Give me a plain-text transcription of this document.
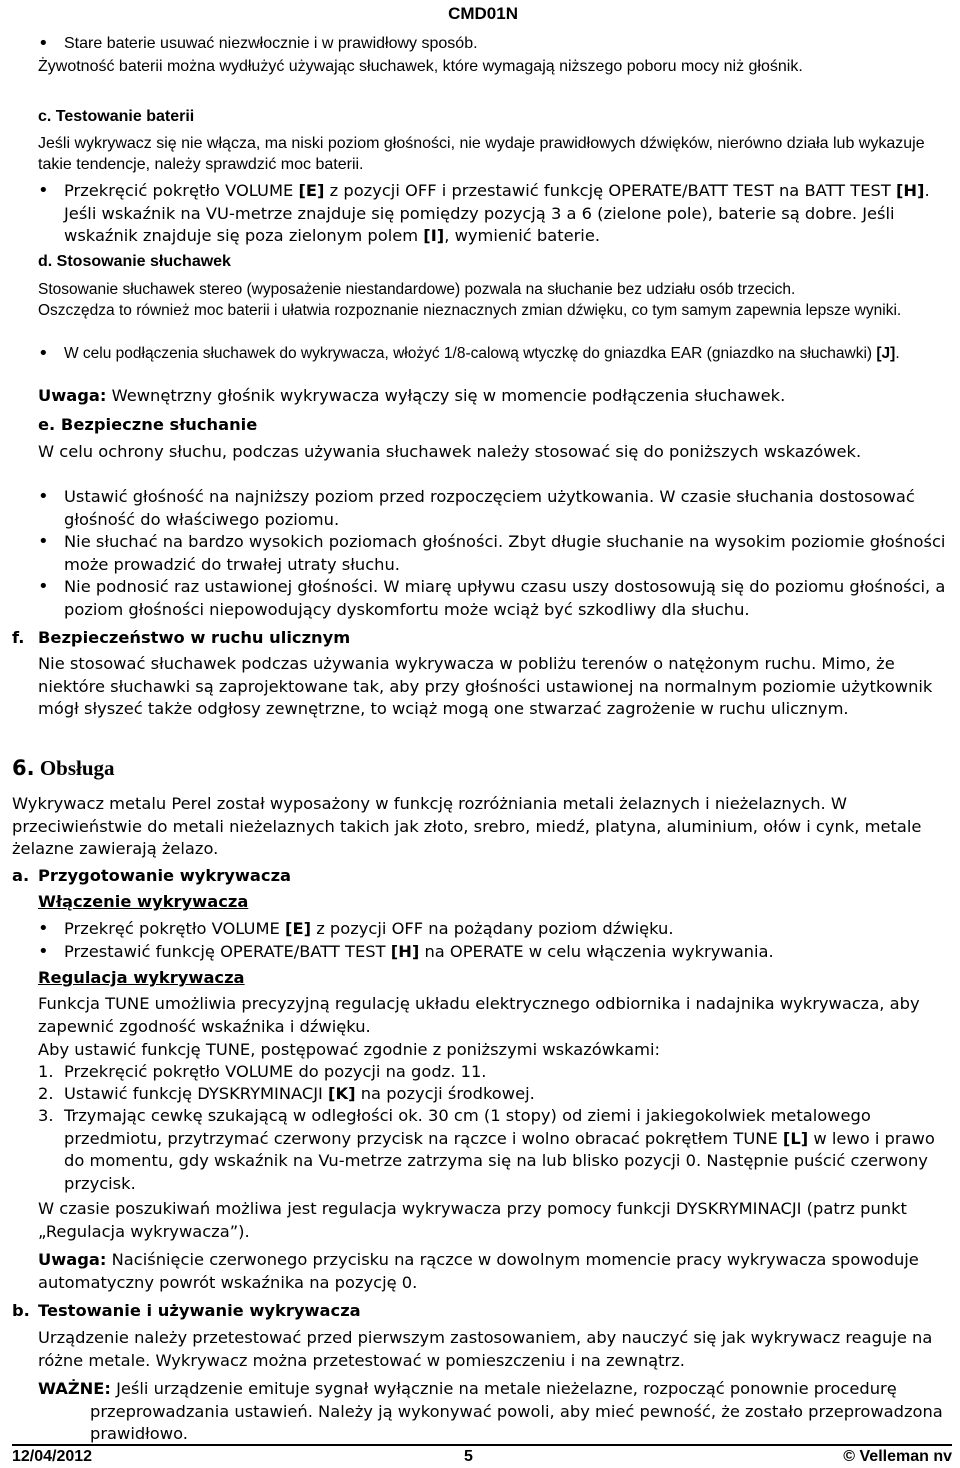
CMD01N
• Stare baterie usuwać niezwłocznie i w prawidłowy sposób.
Żywotność baterii można wydłużyć używając słuchawek, które wymagają niższego poboru mocy niż głośnik.
c. Testowanie baterii
Jeśli wykrywacz się nie włącza, ma niski poziom głośności, nie wydaje prawidłowych dźwięków, nierówno działa lub wykazuje takie tendencje, należy sprawdzić moc baterii.
• Przekręcić pokrętło VOLUME [E] z pozycji OFF i przestawić funkcję OPERATE/BATT TEST na BATT TEST [H]. Jeśli wskaźnik na VU-metrze znajduje się pomiędzy pozycją 3 a 6 (zielone pole), baterie są dobre. Jeśli wskaźnik znajduje się poza zielonym polem [I], wymienić baterie.
d. Stosowanie słuchawek
Stosowanie słuchawek stereo (wyposażenie niestandardowe) pozwala na słuchanie bez udziału osób trzecich.
Oszczędza to również moc baterii i ułatwia rozpoznanie nieznacznych zmian dźwięku, co tym samym zapewnia lepsze wyniki.
• W celu podłączenia słuchawek do wykrywacza, włożyć 1/8-calową wtyczkę do gniazdka EAR (gniazdko na słuchawki) [J].
Uwaga: Wewnętrzny głośnik wykrywacza wyłączy się w momencie podłączenia słuchawek.
e. Bezpieczne słuchanie
W celu ochrony słuchu, podczas używania słuchawek należy stosować się do poniższych wskazówek.
• Ustawić głośność na najniższy poziom przed rozpoczęciem użytkowania. W czasie słuchania dostosować głośność do właściwego poziomu.
• Nie słuchać na bardzo wysokich poziomach głośności. Zbyt długie słuchanie na wysokim poziomie głośności może prowadzić do trwałej utraty słuchu.
• Nie podnosić raz ustawionej głośności. W miarę upływu czasu uszy dostosowują się do poziomu głośności, a poziom głośności niepowodujący dyskomfortu może wciąż być szkodliwy dla słuchu.
f. Bezpieczeństwo w ruchu ulicznym
Nie stosować słuchawek podczas używania wykrywacza w pobliżu terenów o natężonym ruchu. Mimo, że niektóre słuchawki są zaprojektowane tak, aby przy głośności ustawionej na normalnym poziomie użytkownik mógł słyszeć także odgłosy zewnętrzne, to wciąż mogą one stwarzać zagrożenie w ruchu ulicznym.
6. Obsługa
Wykrywacz metalu Perel został wyposażony w funkcję rozróżniania metali żelaznych i nieżelaznych. W przeciwieństwie do metali nieżelaznych takich jak złoto, srebro, miedź, platyna, aluminium, ołów i cynk, metale żelazne zawierają żelazo.
a. Przygotowanie wykrywacza
Włączenie wykrywacza
• Przekręć pokrętło VOLUME [E] z pozycji OFF na pożądany poziom dźwięku.
• Przestawić funkcję OPERATE/BATT TEST [H] na OPERATE w celu włączenia wykrywania.
Regulacja wykrywacza
Funkcja TUNE umożliwia precyzyjną regulację układu elektrycznego odbiornika i nadajnika wykrywacza, aby zapewnić zgodność wskaźnika i dźwięku.
Aby ustawić funkcję TUNE, postępować zgodnie z poniższymi wskazówkami:
1. Przekręcić pokrętło VOLUME do pozycji na godz. 11.
2. Ustawić funkcję DYSKRYMINACJI [K] na pozycji środkowej.
3. Trzymając cewkę szukającą w odległości ok. 30 cm (1 stopy) od ziemi i jakiegokolwiek metalowego przedmiotu, przytrzymać czerwony przycisk na rączce i wolno obracać pokrętłem TUNE [L] w lewo i prawo do momentu, gdy wskaźnik na Vu-metrze zatrzyma się na lub blisko pozycji 0. Następnie puścić czerwony przycisk.
W czasie poszukiwań możliwa jest regulacja wykrywacza przy pomocy funkcji DYSKRYMINACJI (patrz punkt „Regulacja wykrywacza”).
Uwaga: Naciśnięcie czerwonego przycisku na rączce w dowolnym momencie pracy wykrywacza spowoduje automatyczny powrót wskaźnika na pozycję 0.
b. Testowanie i używanie wykrywacza
Urządzenie należy przetestować przed pierwszym zastosowaniem, aby nauczyć się jak wykrywacz reaguje na różne metale. Wykrywacz można przetestować w pomieszczeniu i na zewnątrz.
WAŻNE: Jeśli urządzenie emituje sygnał wyłącznie na metale nieżelazne, rozpocząć ponownie procedurę przeprowadzania ustawień. Należy ją wykonywać powoli, aby mieć pewność, że zostało przeprowadzona prawidłowo.
12/04/2012	5	© Velleman nv
